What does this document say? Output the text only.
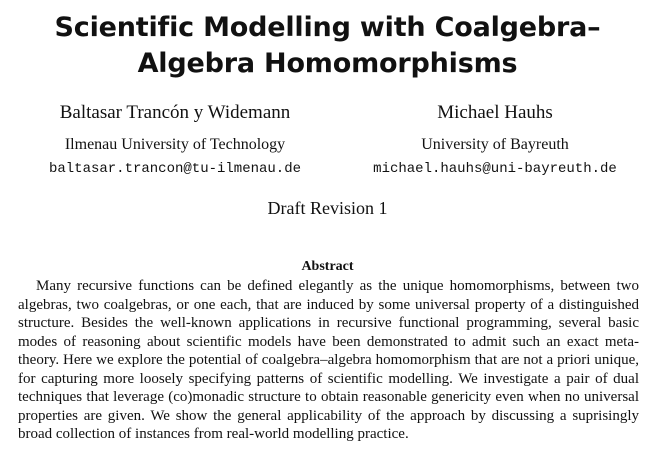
Scientific Modelling with Coalgebra–Algebra Homomorphisms
Baltasar Trancón y Widemann
Ilmenau University of Technology
baltasar.trancon@tu-ilmenau.de
Michael Hauhs
University of Bayreuth
michael.hauhs@uni-bayreuth.de
Draft Revision 1
Abstract
Many recursive functions can be defined elegantly as the unique homomorphisms, between two algebras, two coalgebras, or one each, that are induced by some universal property of a distinguished structure. Besides the well-known applications in recursive functional programming, several basic modes of reasoning about scientific models have been demonstrated to admit such an exact meta-theory. Here we explore the potential of coalgebra–algebra homomorphism that are not a priori unique, for capturing more loosely specifying patterns of scientific modelling. We investigate a pair of dual techniques that leverage (co)monadic structure to obtain reasonable genericity even when no universal properties are given. We show the general applicability of the approach by discussing a suprisingly broad collection of instances from real-world modelling practice.
